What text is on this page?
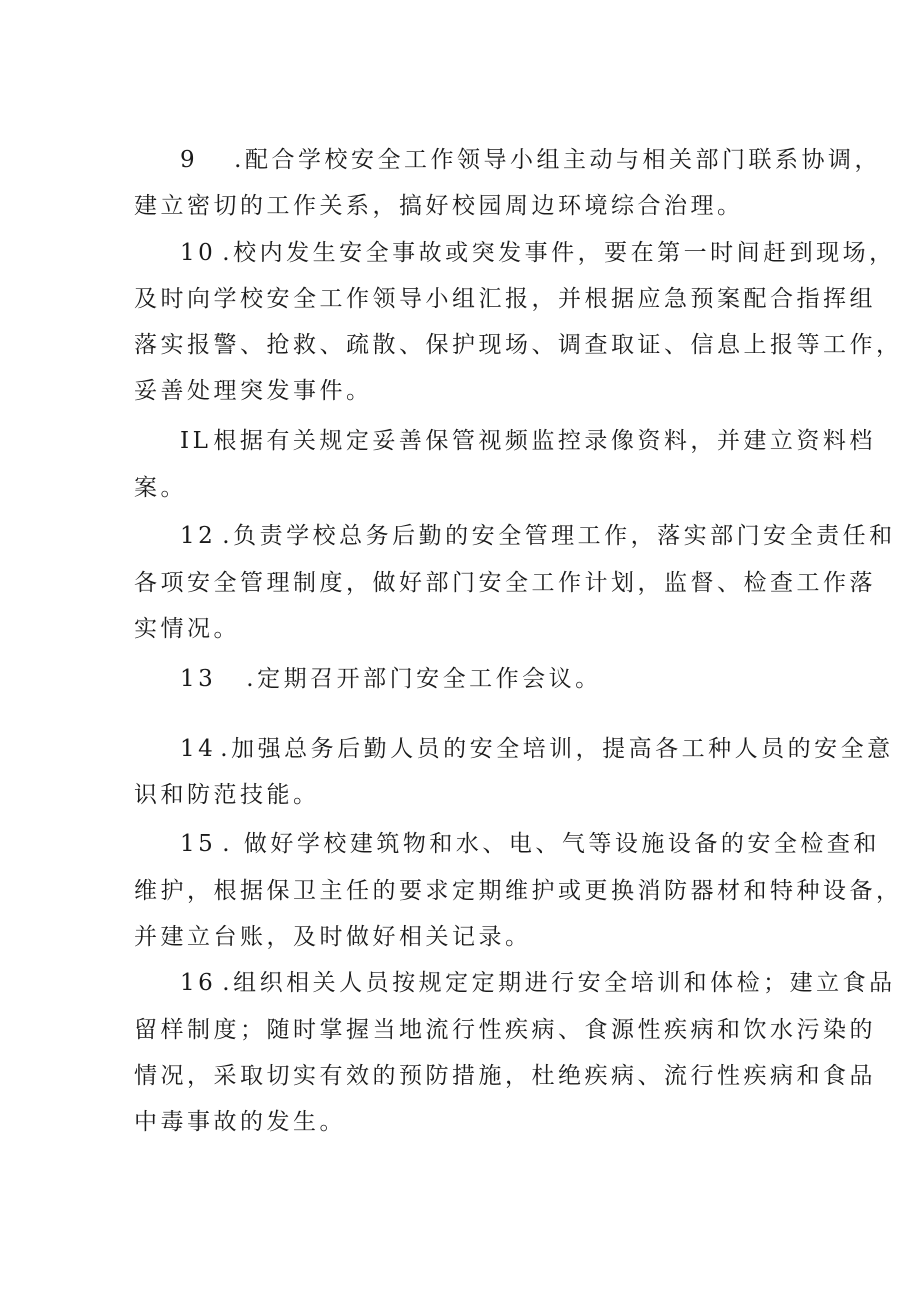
9 .配合学校安全工作领导小组主动与相关部门联系协调，
建立密切的工作关系，搞好校园周边环境综合治理。
10 .校内发生安全事故或突发事件，要在第一时间赶到现场，
及时向学校安全工作领导小组汇报，并根据应急预案配合指挥组
落实报警、抢救、疏散、保护现场、调查取证、信息上报等工作，
妥善处理突发事件。
IL根据有关规定妥善保管视频监控录像资料，并建立资料档
案。
12 .负责学校总务后勤的安全管理工作，落实部门安全责任和
各项安全管理制度，做好部门安全工作计划，监督、检查工作落
实情况。
13 .定期召开部门安全工作会议。
14 .加强总务后勤人员的安全培训，提高各工种人员的安全意
识和防范技能。
15 . 做好学校建筑物和水、电、气等设施设备的安全检查和
维护，根据保卫主任的要求定期维护或更换消防器材和特种设备，
并建立台账，及时做好相关记录。
16 .组织相关人员按规定定期进行安全培训和体检；建立食品
留样制度；随时掌握当地流行性疾病、食源性疾病和饮水污染的
情况，采取切实有效的预防措施，杜绝疾病、流行性疾病和食品
中毒事故的发生。
